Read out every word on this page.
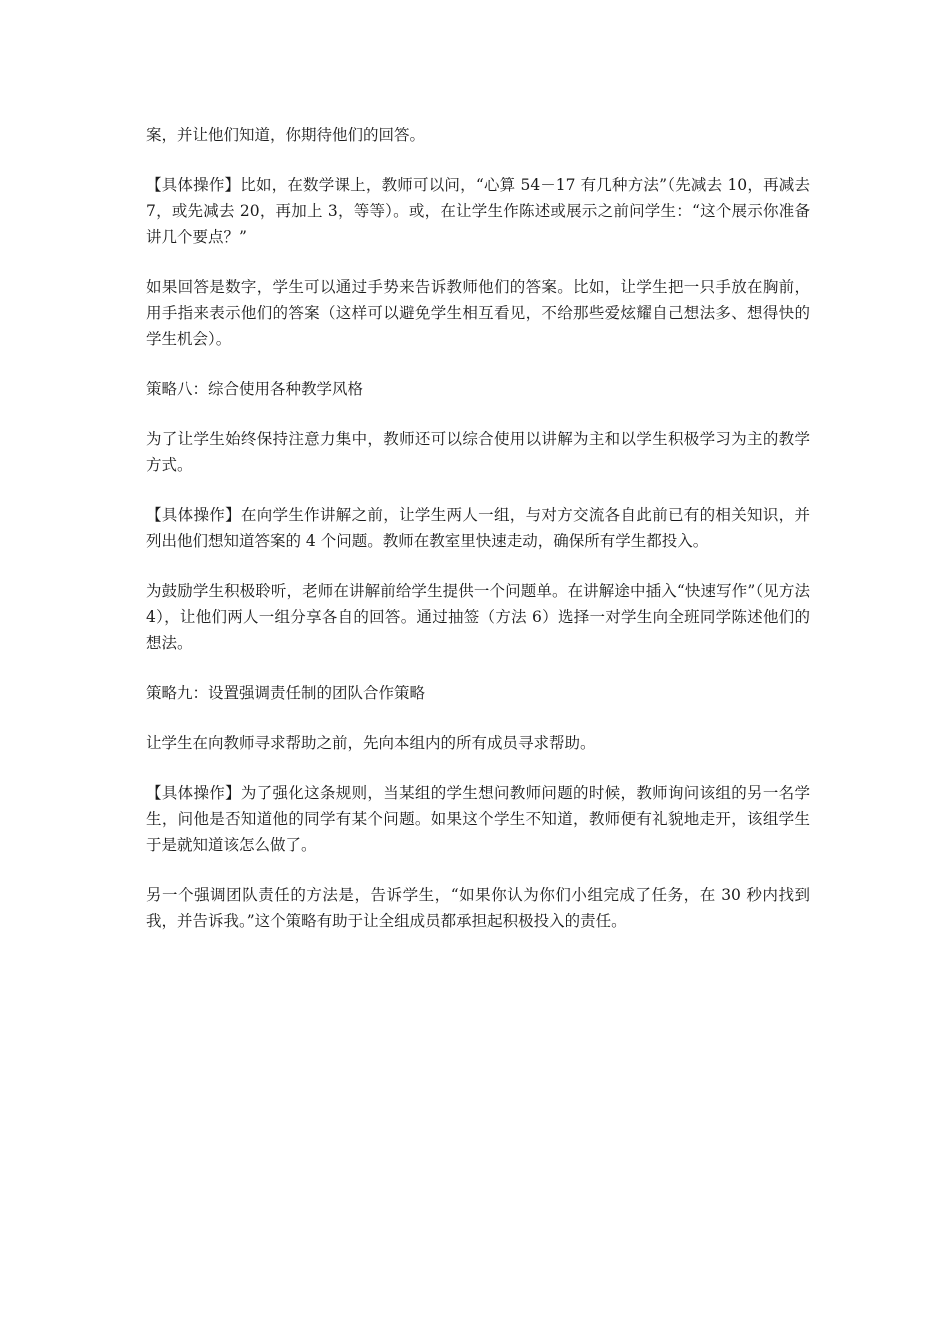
案，并让他们知道，你期待他们的回答。

【具体操作】比如，在数学课上，教师可以问，“心算 54－17 有几种方法”（先减去 10，再减去 7，或先减去 20，再加上 3，等等）。或，在让学生作陈述或展示之前问学生：“这个展示你准备讲几个要点？”

如果回答是数字，学生可以通过手势来告诉教师他们的答案。比如，让学生把一只手放在胸前，用手指来表示他们的答案（这样可以避免学生相互看见，不给那些爱炫耀自己想法多、想得快的学生机会）。

策略八：综合使用各种教学风格

为了让学生始终保持注意力集中，教师还可以综合使用以讲解为主和以学生积极学习为主的教学方式。

【具体操作】在向学生作讲解之前，让学生两人一组，与对方交流各自此前已有的相关知识，并列出他们想知道答案的 4 个问题。教师在教室里快速走动，确保所有学生都投入。

为鼓励学生积极聆听，老师在讲解前给学生提供一个问题单。在讲解途中插入“快速写作”（见方法 4），让他们两人一组分享各自的回答。通过抽签（方法 6）选择一对学生向全班同学陈述他们的想法。

策略九：设置强调责任制的团队合作策略

让学生在向教师寻求帮助之前，先向本组内的所有成员寻求帮助。

【具体操作】为了强化这条规则，当某组的学生想问教师问题的时候，教师询问该组的另一名学生，问他是否知道他的同学有某个问题。如果这个学生不知道，教师便有礼貌地走开，该组学生于是就知道该怎么做了。

另一个强调团队责任的方法是，告诉学生，“如果你认为你们小组完成了任务，在 30 秒内找到我，并告诉我。”这个策略有助于让全组成员都承担起积极投入的责任。
